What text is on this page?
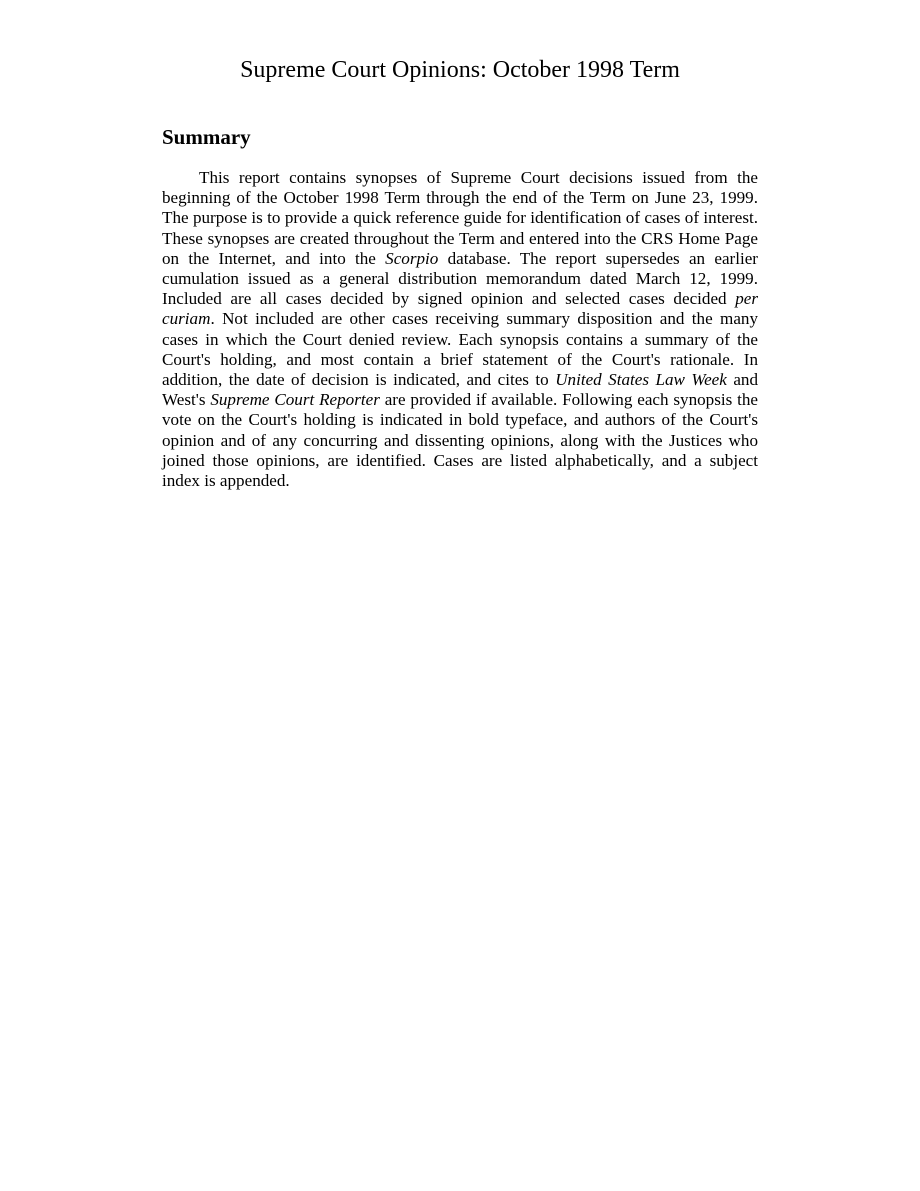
Supreme Court Opinions: October 1998 Term
Summary

This report contains synopses of Supreme Court decisions issued from the beginning of the October 1998 Term through the end of the Term on June 23, 1999. The purpose is to provide a quick reference guide for identification of cases of interest. These synopses are created throughout the Term and entered into the CRS Home Page on the Internet, and into the Scorpio database. The report supersedes an earlier cumulation issued as a general distribution memorandum dated March 12, 1999. Included are all cases decided by signed opinion and selected cases decided per curiam. Not included are other cases receiving summary disposition and the many cases in which the Court denied review. Each synopsis contains a summary of the Court's holding, and most contain a brief statement of the Court's rationale. In addition, the date of decision is indicated, and cites to United States Law Week and West's Supreme Court Reporter are provided if available. Following each synopsis the vote on the Court's holding is indicated in bold typeface, and authors of the Court's opinion and of any concurring and dissenting opinions, along with the Justices who joined those opinions, are identified. Cases are listed alphabetically, and a subject index is appended.
